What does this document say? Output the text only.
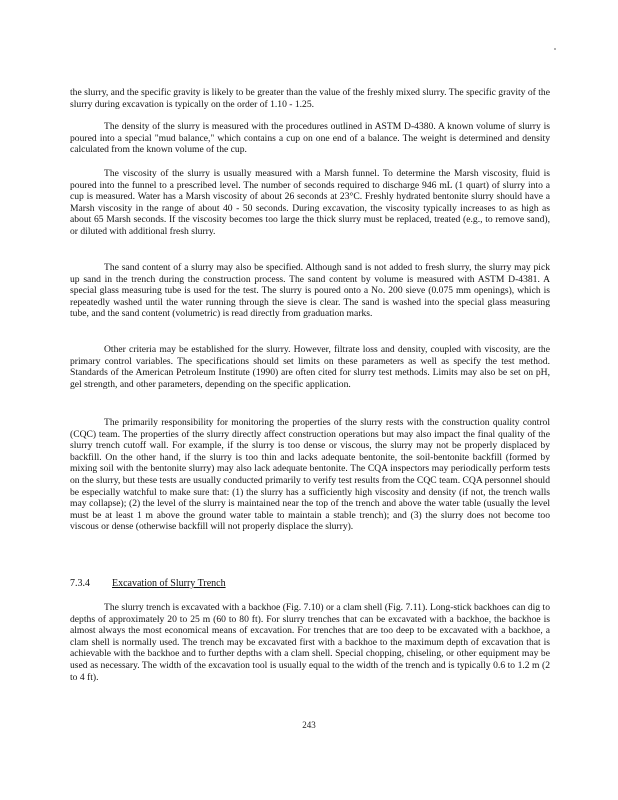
the slurry, and the specific gravity is likely to be greater than the value of the freshly mixed slurry. The specific gravity of the slurry during excavation is typically on the order of 1.10 - 1.25.

The density of the slurry is measured with the procedures outlined in ASTM D-4380. A known volume of slurry is poured into a special "mud balance," which contains a cup on one end of a balance. The weight is determined and density calculated from the known volume of the cup.

The viscosity of the slurry is usually measured with a Marsh funnel. To determine the Marsh viscosity, fluid is poured into the funnel to a prescribed level. The number of seconds required to discharge 946 mL (1 quart) of slurry into a cup is measured. Water has a Marsh viscosity of about 26 seconds at 23°C. Freshly hydrated bentonite slurry should have a Marsh viscosity in the range of about 40 - 50 seconds. During excavation, the viscosity typically increases to as high as about 65 Marsh seconds. If the viscosity becomes too large the thick slurry must be replaced, treated (e.g., to remove sand), or diluted with additional fresh slurry.

The sand content of a slurry may also be specified. Although sand is not added to fresh slurry, the slurry may pick up sand in the trench during the construction process. The sand content by volume is measured with ASTM D-4381. A special glass measuring tube is used for the test. The slurry is poured onto a No. 200 sieve (0.075 mm openings), which is repeatedly washed until the water running through the sieve is clear. The sand is washed into the special glass measuring tube, and the sand content (volumetric) is read directly from graduation marks.

Other criteria may be established for the slurry. However, filtrate loss and density, coupled with viscosity, are the primary control variables. The specifications should set limits on these parameters as well as specify the test method. Standards of the American Petroleum Institute (1990) are often cited for slurry test methods. Limits may also be set on pH, gel strength, and other parameters, depending on the specific application.

The primarily responsibility for monitoring the properties of the slurry rests with the construction quality control (CQC) team. The properties of the slurry directly affect construction operations but may also impact the final quality of the slurry trench cutoff wall. For example, if the slurry is too dense or viscous, the slurry may not be properly displaced by backfill. On the other hand, if the slurry is too thin and lacks adequate bentonite, the soil-bentonite backfill (formed by mixing soil with the bentonite slurry) may also lack adequate bentonite. The CQA inspectors may periodically perform tests on the slurry, but these tests are usually conducted primarily to verify test results from the CQC team. CQA personnel should be especially watchful to make sure that: (1) the slurry has a sufficiently high viscosity and density (if not, the trench walls may collapse); (2) the level of the slurry is maintained near the top of the trench and above the water table (usually the level must be at least 1 m above the ground water table to maintain a stable trench); and (3) the slurry does not become too viscous or dense (otherwise backfill will not properly displace the slurry).

7.3.4 Excavation of Slurry Trench

The slurry trench is excavated with a backhoe (Fig. 7.10) or a clam shell (Fig. 7.11). Long-stick backhoes can dig to depths of approximately 20 to 25 m (60 to 80 ft). For slurry trenches that can be excavated with a backhoe, the backhoe is almost always the most economical means of excavation. For trenches that are too deep to be excavated with a backhoe, a clam shell is normally used. The trench may be excavated first with a backhoe to the maximum depth of excavation that is achievable with the backhoe and to further depths with a clam shell. Special chopping, chiseling, or other equipment may be used as necessary. The width of the excavation tool is usually equal to the width of the trench and is typically 0.6 to 1.2 m (2 to 4 ft).

243
